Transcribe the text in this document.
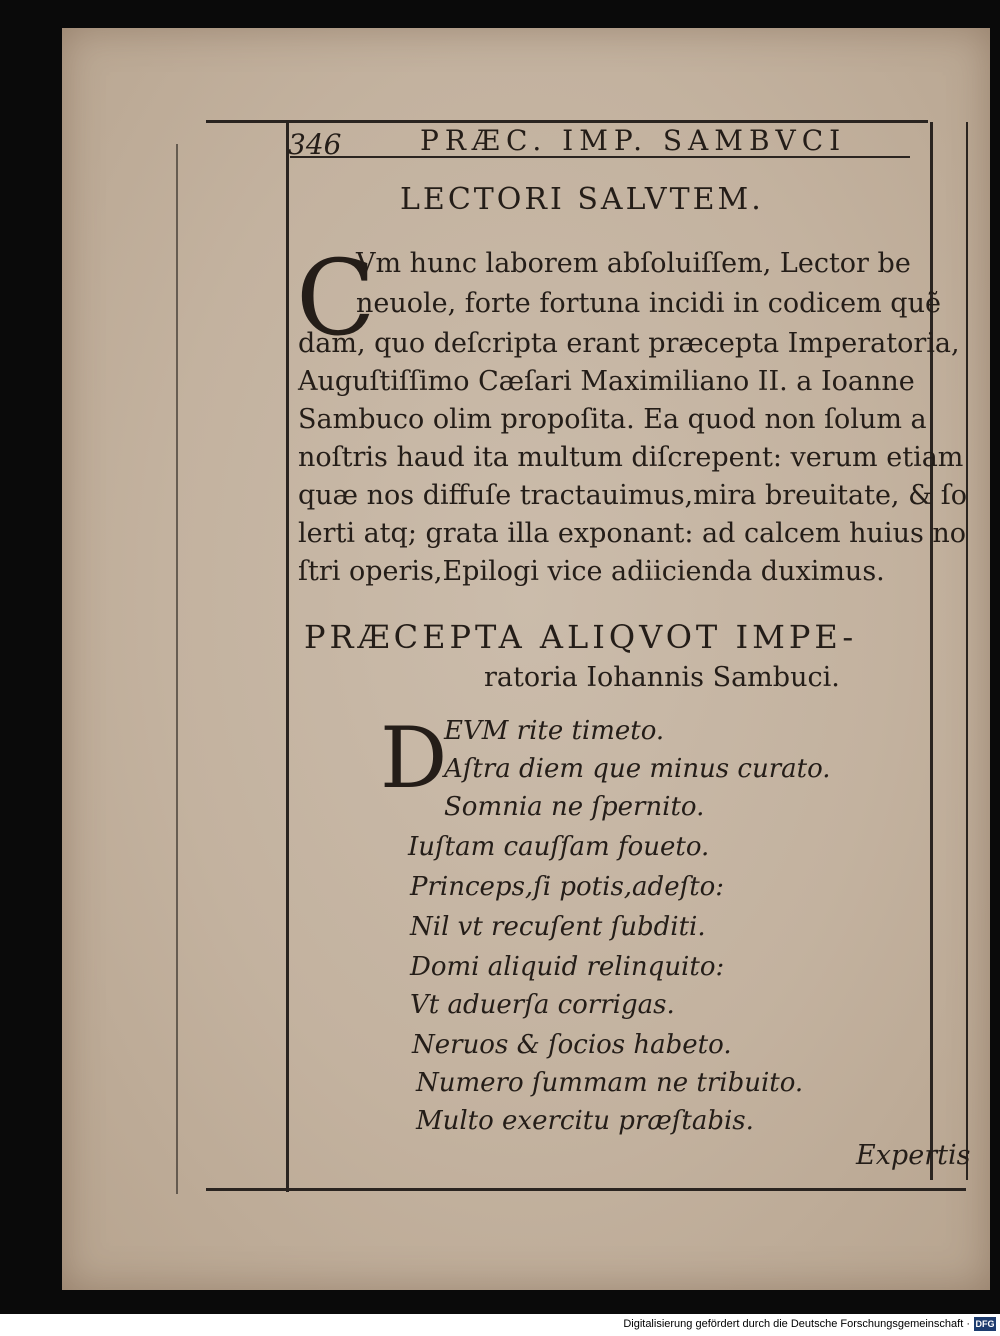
346	PRÆC. IMP. SAMBVCI
LECTORI SALVTEM.
C
Vm hunc laborem abſoluiſſem, Lector be
neuole, forte fortuna incidi in codicem quẽ
dam, quo deſcripta erant præcepta Imperatoria,
Auguſtiſſimo Cæſari Maximiliano II. a Ioanne
Sambuco olim propoſita. Ea quod non ſolum a
noſtris haud ita multum diſcrepent: verum etiam
quæ nos diffuſe tractauimus,mira breuitate, & ſo
lerti atq; grata illa exponant: ad calcem huius no
ſtri operis,Epilogi vice adiicienda duximus.
PRÆCEPTA ALIQVOT IMPE-
ratoria Iohannis Sambuci.
D
EVM rite timeto.
Aſtra diem que minus curato.
Somnia ne ſpernito.
Iuſtam cauſſam foueto.
Princeps,ſi potis,adeſto:
Nil vt recuſent ſubditi.
Domi aliquid relinquito:
Vt aduerſa corrigas.
Neruos & ſocios habeto.
Numero ſummam ne tribuito.
Multo exercitu præſtabis.
Expertis
Digitalisierung gefördert durch die Deutsche Forschungsgemeinschaft · DFG
